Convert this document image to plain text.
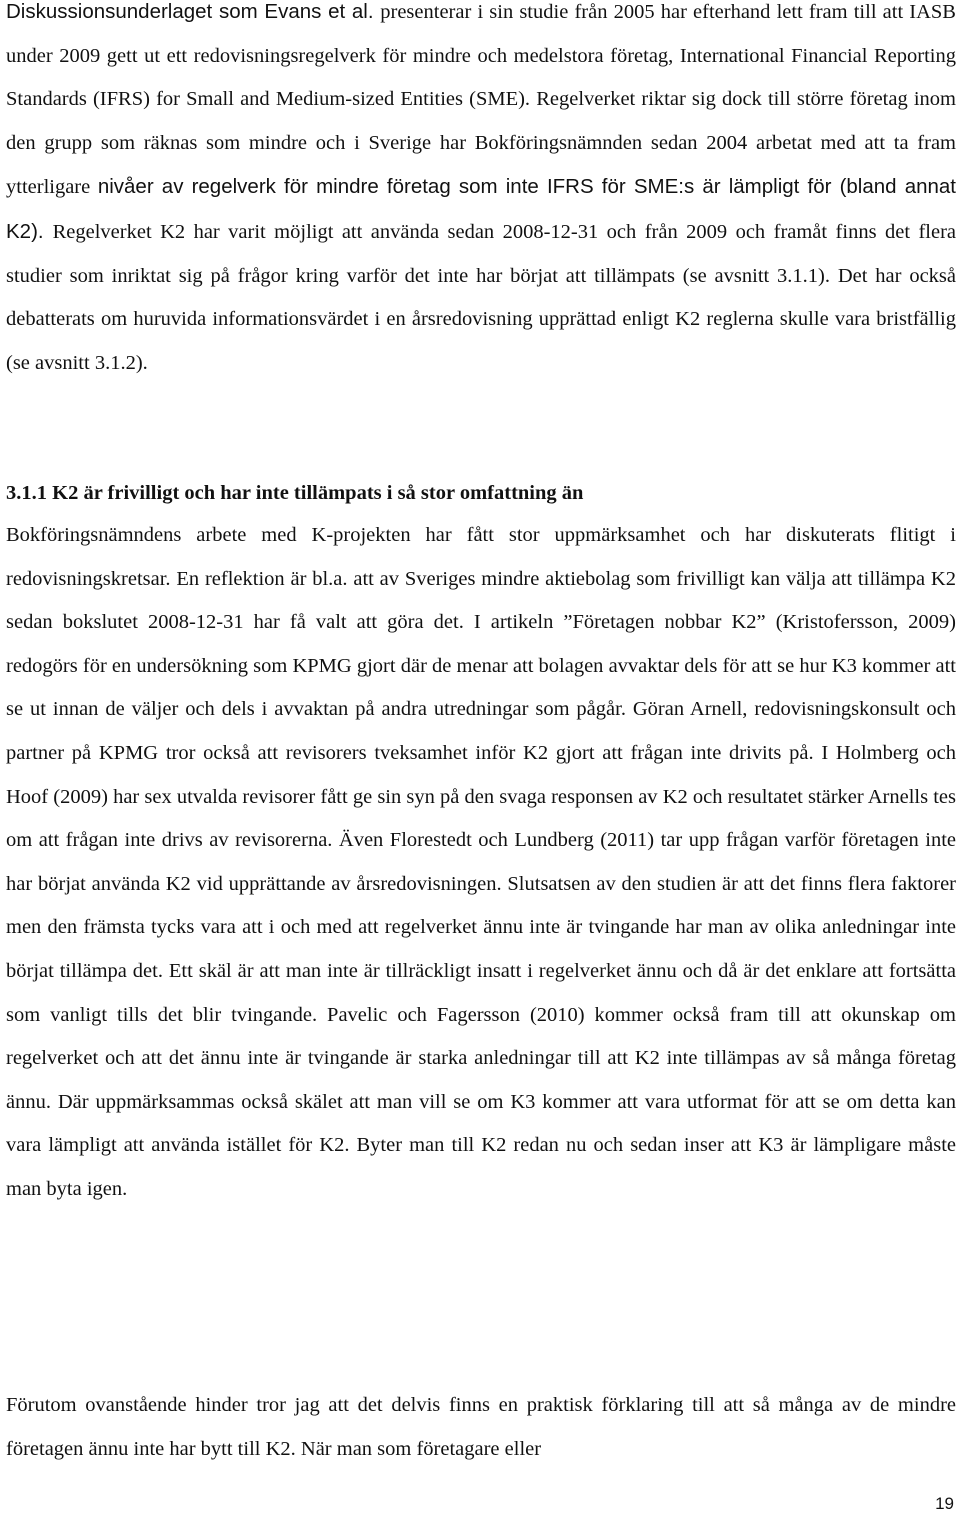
Diskussionsunderlaget som Evans et al. presenterar i sin studie från 2005 har efterhand lett fram till att IASB under 2009 gett ut ett redovisningsregelverk för mindre och medelstora företag, International Financial Reporting Standards (IFRS) for Small and Medium-sized Entities (SME). Regelverket riktar sig dock till större företag inom den grupp som räknas som mindre och i Sverige har Bokföringsnämnden sedan 2004 arbetat med att ta fram ytterligare nivåer av regelverk för mindre företag som inte IFRS för SME:s är lämpligt för (bland annat K2). Regelverket K2 har varit möjligt att använda sedan 2008-12-31 och från 2009 och framåt finns det flera studier som inriktat sig på frågor kring varför det inte har börjat att tillämpats (se avsnitt 3.1.1). Det har också debatterats om huruvida informationsvärdet i en årsredovisning upprättad enligt K2 reglerna skulle vara bristfällig (se avsnitt 3.1.2).

3.1.1 K2 är frivilligt och har inte tillämpats i så stor omfattning än

Bokföringsnämndens arbete med K-projekten har fått stor uppmärksamhet och har diskuterats flitigt i redovisningskretsar. En reflektion är bl.a. att av Sveriges mindre aktiebolag som frivilligt kan välja att tillämpa K2 sedan bokslutet 2008-12-31 har få valt att göra det. I artikeln ”Företagen nobbar K2” (Kristofersson, 2009) redogörs för en undersökning som KPMG gjort där de menar att bolagen avvaktar dels för att se hur K3 kommer att se ut innan de väljer och dels i avvaktan på andra utredningar som pågår. Göran Arnell, redovisningskonsult och partner på KPMG tror också att revisorers tveksamhet inför K2 gjort att frågan inte drivits på. I Holmberg och Hoof (2009) har sex utvalda revisorer fått ge sin syn på den svaga responsen av K2 och resultatet stärker Arnells tes om att frågan inte drivs av revisorerna. Även Florestedt och Lundberg (2011) tar upp frågan varför företagen inte har börjat använda K2 vid upprättande av årsredovisningen. Slutsatsen av den studien är att det finns flera faktorer men den främsta tycks vara att i och med att regelverket ännu inte är tvingande har man av olika anledningar inte börjat tillämpa det. Ett skäl är att man inte är tillräckligt insatt i regelverket ännu och då är det enklare att fortsätta som vanligt tills det blir tvingande. Pavelic och Fagersson (2010) kommer också fram till att okunskap om regelverket och att det ännu inte är tvingande är starka anledningar till att K2 inte tillämpas av så många företag ännu. Där uppmärksammas också skälet att man vill se om K3 kommer att vara utformat för att se om detta kan vara lämpligt att använda istället för K2. Byter man till K2 redan nu och sedan inser att K3 är lämpligare måste man byta igen.

Förutom ovanstående hinder tror jag att det delvis finns en praktisk förklaring till att så många av de mindre företagen ännu inte har bytt till K2. När man som företagare eller

19
